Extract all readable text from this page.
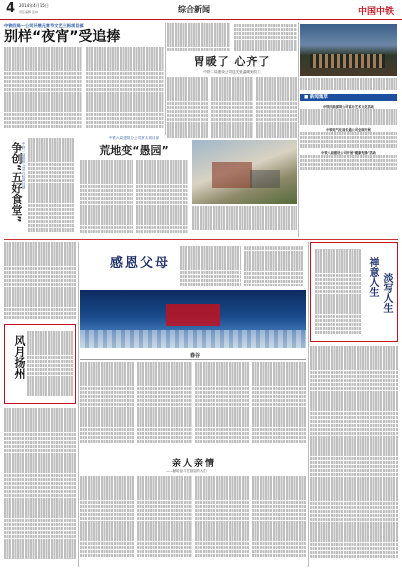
4 2014年4月15日
责任编辑 张帅	综合新闻	中国中铁
中铁四局一公司开展元宵节文艺三标项目部
别样“夜宵”受追捧

胃暖了 心齐了
中铁二局建设公司送关爱温暖到员工

■ 新闻集萃
中铁四局深圳公司首办艺术文化活动

中铁电气化局长通公司全面开展

中铁八局建设公司开展“健康先锋”活动

争创“五好食堂” 中铁一局路桥公司六标项目部

中铁六局建筑分公司常太项目部
荒地变“愚园”

风月扬州

感恩父母

春谷

亲人亲情
——献给奋斗在基层的人们

禅意人生 淡写人生
